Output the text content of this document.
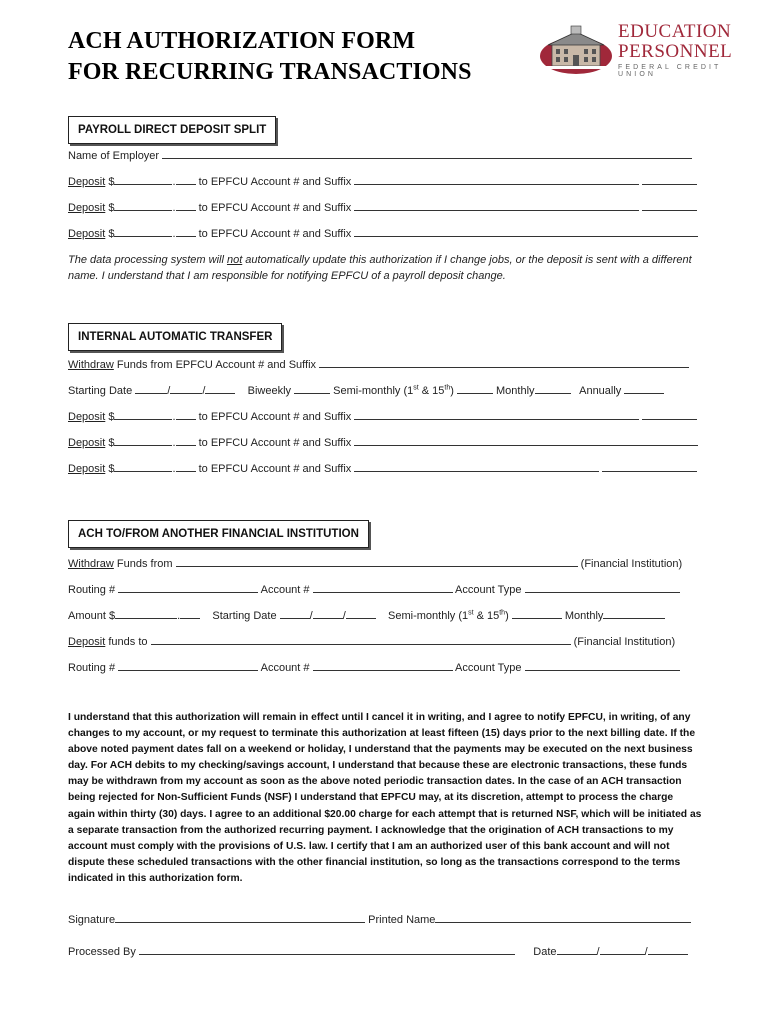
ACH AUTHORIZATION FORM
FOR RECURRING TRANSACTIONS
EDUCATION
PERSONNEL
FEDERAL CREDIT UNION
PAYROLL DIRECT DEPOSIT SPLIT
Name of Employer
Deposit $	. to EPFCU Account # and Suffix
Deposit $	. to EPFCU Account # and Suffix
Deposit $	. to EPFCU Account # and Suffix
The data processing system will not automatically update this authorization if I change jobs, or the deposit is sent with a different name. I understand that I am responsible for notifying EPFCU of a payroll deposit change.
INTERNAL AUTOMATIC TRANSFER
Withdraw Funds from EPFCU Account # and Suffix
Starting Date	/	/	Biweekly	Semi-monthly (1st & 15th)	Monthly	Annually
Deposit $	. to EPFCU Account # and Suffix
Deposit $	. to EPFCU Account # and Suffix
Deposit $	. to EPFCU Account # and Suffix
ACH TO/FROM ANOTHER FINANCIAL INSTITUTION
Withdraw Funds from	(Financial Institution)
Routing #	Account #	Account Type
Amount $	.	Starting Date	/	/	Semi-monthly (1st & 15th)	Monthly
Deposit funds to	(Financial Institution)
Routing #	Account #	Account Type

I understand that this authorization will remain in effect until I cancel it in writing, and I agree to notify EPFCU, in writing, of any changes to my account, or my request to terminate this authorization at least fifteen (15) days prior to the next billing date. If the above noted payment dates fall on a weekend or holiday, I understand that the payments may be executed on the next business day. For ACH debits to my checking/savings account, I understand that because these are electronic transactions, these funds may be withdrawn from my account as soon as the above noted periodic transaction dates. In the case of an ACH transaction being rejected for Non-Sufficient Funds (NSF) I understand that EPFCU may, at its discretion, attempt to process the charge again within thirty (30) days. I agree to an additional $20.00 charge for each attempt that is returned NSF, which will be initiated as a separate transaction from the authorized recurring payment. I acknowledge that the origination of ACH transactions to my account must comply with the provisions of U.S. law. I certify that I am an authorized user of this bank account and will not dispute these scheduled transactions with the other financial institution, so long as the transactions correspond to the terms indicated in this authorization form.

Signature	Printed Name
Processed By	Date	/	/
